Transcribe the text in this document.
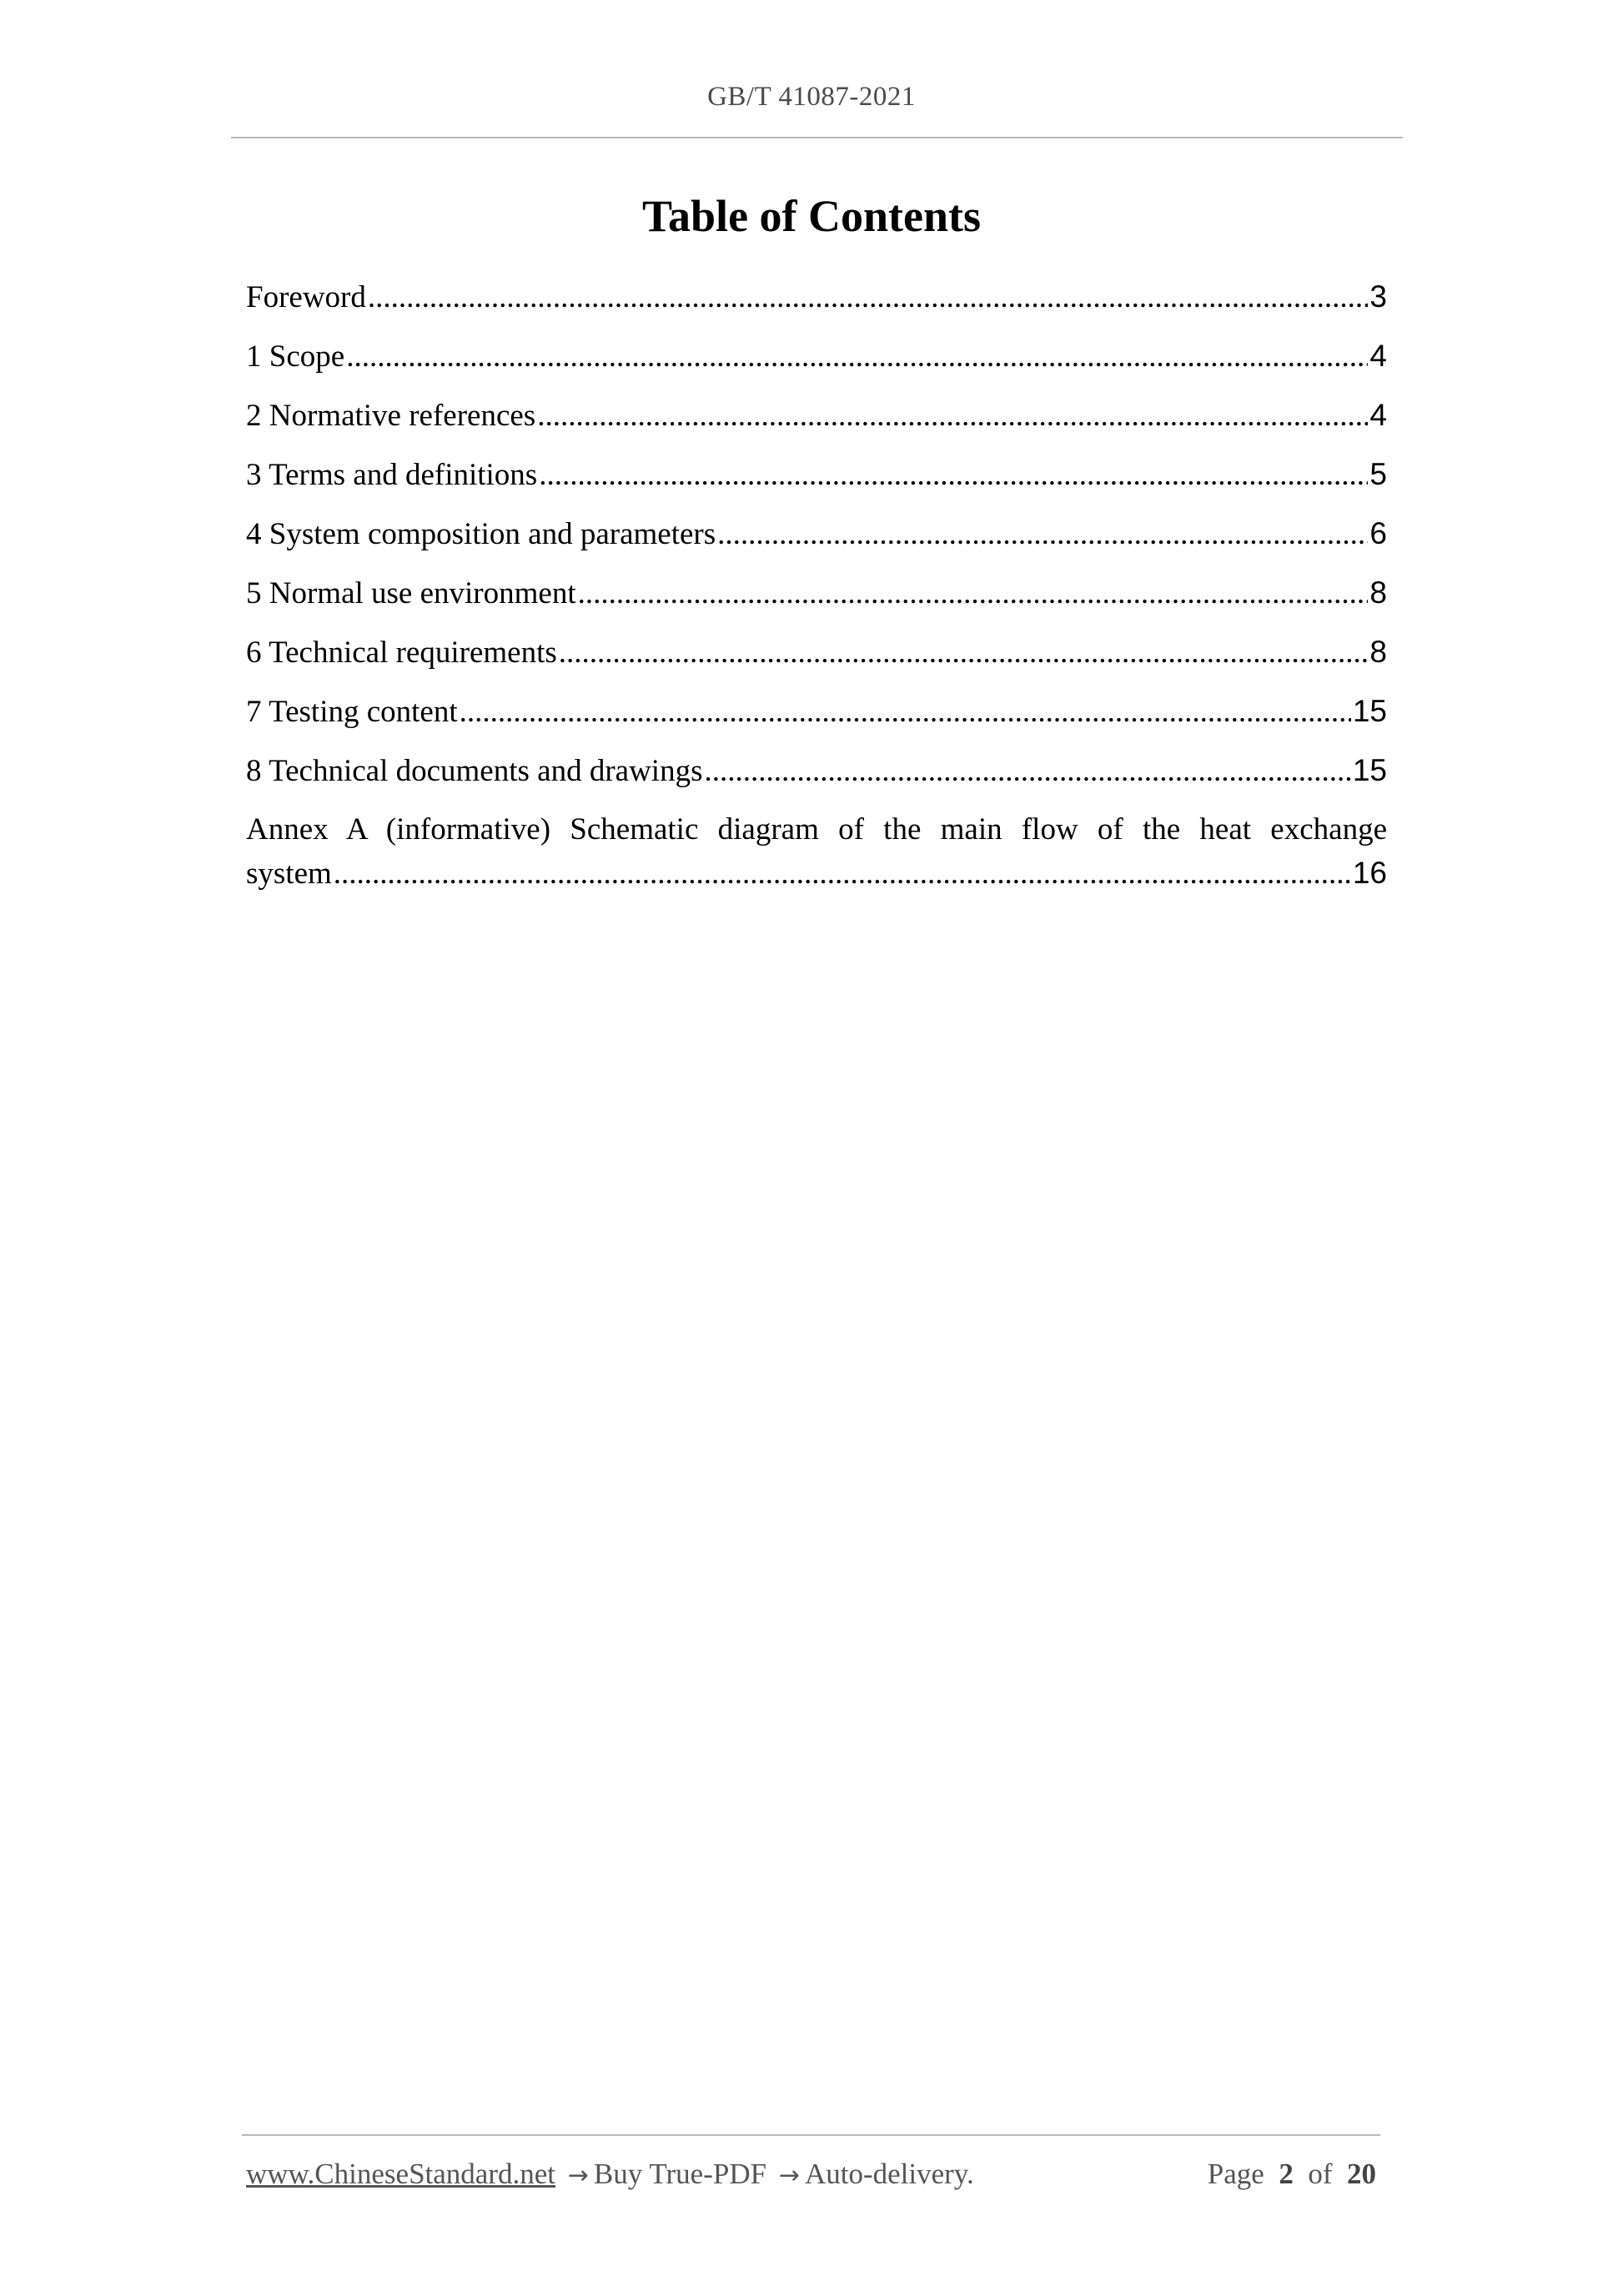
GB/T 41087-2021
Table of Contents
Foreword .....	3
1 Scope .....	4
2 Normative references .....	4
3 Terms and definitions .....	5
4 System composition and parameters .....	6
5 Normal use environment .....	8
6 Technical requirements .....	8
7 Testing content .....	15
8 Technical documents and drawings .....	15
Annex A (informative) Schematic diagram of the main flow of the heat exchange
system .....	16
www.ChineseStandard.net → Buy True-PDF → Auto-delivery.	Page 2 of 20
